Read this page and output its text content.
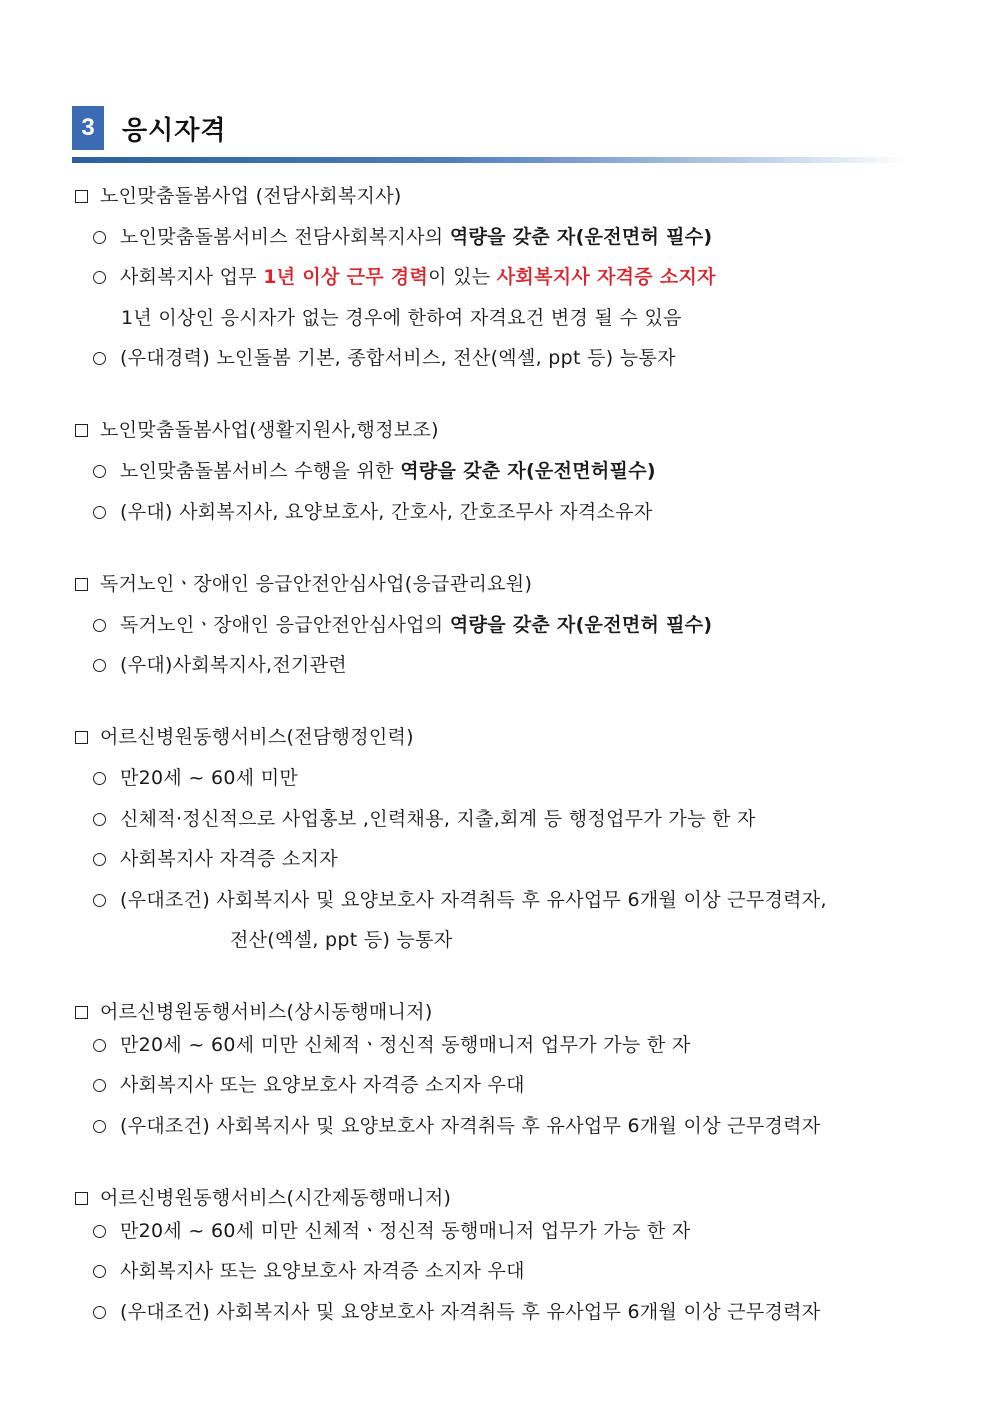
3	응시자격
노인맞춤돌봄사업 (전담사회복지사)
노인맞춤돌봄서비스 전담사회복지사의 역량을 갖춘 자(운전면허 필수)
사회복지사 업무 1년 이상 근무 경력이 있는 사회복지사 자격증 소지자
1년 이상인 응시자가 없는 경우에 한하여 자격요건 변경 될 수 있음
(우대경력) 노인돌봄 기본, 종합서비스, 전산(엑셀, ppt 등) 능통자
노인맞춤돌봄사업(생활지원사,행정보조)
노인맞춤돌봄서비스 수행을 위한 역량을 갖춘 자(운전면허필수)
(우대) 사회복지사, 요양보호사, 간호사, 간호조무사 자격소유자
독거노인ㆍ장애인 응급안전안심사업(응급관리요원)
독거노인ㆍ장애인 응급안전안심사업의 역량을 갖춘 자(운전면허 필수)
(우대)사회복지사,전기관련
어르신병원동행서비스(전담행정인력)
만20세 ~ 60세 미만
신체적·정신적으로 사업홍보 ,인력채용, 지출,회계 등 행정업무가 가능 한 자
사회복지사 자격증 소지자
(우대조건) 사회복지사 및 요양보호사 자격취득 후 유사업무 6개월 이상 근무경력자,
전산(엑셀, ppt 등) 능통자
어르신병원동행서비스(상시동행매니저)
만20세 ~ 60세 미만 신체적ㆍ정신적 동행매니저 업무가 가능 한 자
사회복지사 또는 요양보호사 자격증 소지자 우대
(우대조건) 사회복지사 및 요양보호사 자격취득 후 유사업무 6개월 이상 근무경력자
어르신병원동행서비스(시간제동행매니저)
만20세 ~ 60세 미만 신체적ㆍ정신적 동행매니저 업무가 가능 한 자
사회복지사 또는 요양보호사 자격증 소지자 우대
(우대조건) 사회복지사 및 요양보호사 자격취득 후 유사업무 6개월 이상 근무경력자
